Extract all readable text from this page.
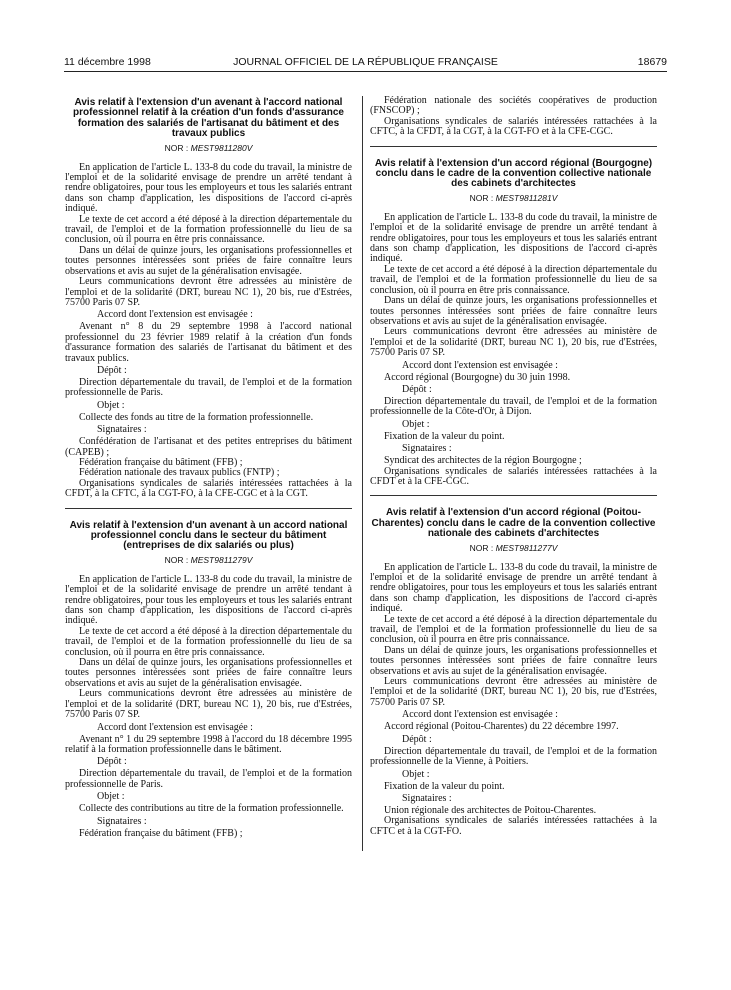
11 décembre 1998	JOURNAL OFFICIEL DE LA RÉPUBLIQUE FRANÇAISE	18679
Avis relatif à l'extension d'un avenant à l'accord national professionnel relatif à la création d'un fonds d'assurance formation des salariés de l'artisanat du bâtiment et des travaux publics
NOR : MEST9811280V

En application de l'article L. 133-8 du code du travail, la ministre de l'emploi et de la solidarité envisage de prendre un arrêté tendant à rendre obligatoires, pour tous les employeurs et tous les salariés entrant dans son champ d'application, les dispositions de l'accord ci-après indiqué.

Le texte de cet accord a été déposé à la direction départementale du travail, de l'emploi et de la formation professionnelle du lieu de sa conclusion, où il pourra en être pris connaissance.

Dans un délai de quinze jours, les organisations professionnelles et toutes personnes intéressées sont priées de faire connaître leurs observations et avis au sujet de la généralisation envisagée.

Leurs communications devront être adressées au ministère de l'emploi et de la solidarité (DRT, bureau NC 1), 20 bis, rue d'Estrées, 75700 Paris 07 SP.

Accord dont l'extension est envisagée :

Avenant n° 8 du 29 septembre 1998 à l'accord national professionnel du 23 février 1989 relatif à la création d'un fonds d'assurance formation des salariés de l'artisanat du bâtiment et des travaux publics.

Dépôt :

Direction départementale du travail, de l'emploi et de la formation professionnelle de Paris.

Objet :

Collecte des fonds au titre de la formation professionnelle.

Signataires :

Confédération de l'artisanat et des petites entreprises du bâtiment (CAPEB) ;

Fédération française du bâtiment (FFB) ;

Fédération nationale des travaux publics (FNTP) ;

Organisations syndicales de salariés intéressées rattachées à la CFDT, à la CFTC, à la CGT-FO, à la CFE-CGC et à la CGT.

Avis relatif à l'extension d'un avenant à un accord national professionnel conclu dans le secteur du bâtiment (entreprises de dix salariés ou plus)
NOR : MEST9811279V

En application de l'article L. 133-8 du code du travail, la ministre de l'emploi et de la solidarité envisage de prendre un arrêté tendant à rendre obligatoires, pour tous les employeurs et tous les salariés entrant dans son champ d'application, les dispositions de l'accord ci-après indiqué.

Le texte de cet accord a été déposé à la direction départementale du travail, de l'emploi et de la formation professionnelle du lieu de sa conclusion, où il pourra en être pris connaissance.

Dans un délai de quinze jours, les organisations professionnelles et toutes personnes intéressées sont priées de faire connaître leurs observations et avis au sujet de la généralisation envisagée.

Leurs communications devront être adressées au ministère de l'emploi et de la solidarité (DRT, bureau NC 1), 20 bis, rue d'Estrées, 75700 Paris 07 SP.

Accord dont l'extension est envisagée :

Avenant n° 1 du 29 septembre 1998 à l'accord du 18 décembre 1995 relatif à la formation professionnelle dans le bâtiment.

Dépôt :

Direction départementale du travail, de l'emploi et de la formation professionnelle de Paris.

Objet :

Collecte des contributions au titre de la formation professionnelle.

Signataires :

Fédération française du bâtiment (FFB) ;

Fédération nationale des sociétés coopératives de production (FNSCOP) ;

Organisations syndicales de salariés intéressées rattachées à la CFTC, à la CFDT, à la CGT, à la CGT-FO et à la CFE-CGC.

Avis relatif à l'extension d'un accord régional (Bourgogne) conclu dans le cadre de la convention collective nationale des cabinets d'architectes
NOR : MEST9811281V

En application de l'article L. 133-8 du code du travail, la ministre de l'emploi et de la solidarité envisage de prendre un arrêté tendant à rendre obligatoires, pour tous les employeurs et tous les salariés entrant dans son champ d'application, les dispositions de l'accord ci-après indiqué.

Le texte de cet accord a été déposé à la direction départementale du travail, de l'emploi et de la formation professionnelle du lieu de sa conclusion, où il pourra en être pris connaissance.

Dans un délai de quinze jours, les organisations professionnelles et toutes personnes intéressées sont priées de faire connaître leurs observations et avis au sujet de la généralisation envisagée.

Leurs communications devront être adressées au ministère de l'emploi et de la solidarité (DRT, bureau NC 1), 20 bis, rue d'Estrées, 75700 Paris 07 SP.

Accord dont l'extension est envisagée :

Accord régional (Bourgogne) du 30 juin 1998.

Dépôt :

Direction départementale du travail, de l'emploi et de la formation professionnelle de la Côte-d'Or, à Dijon.

Objet :

Fixation de la valeur du point.

Signataires :

Syndicat des architectes de la région Bourgogne ;

Organisations syndicales de salariés intéressées rattachées à la CFDT et à la CFE-CGC.

Avis relatif à l'extension d'un accord régional (Poitou-Charentes) conclu dans le cadre de la convention collective nationale des cabinets d'architectes
NOR : MEST9811277V

En application de l'article L. 133-8 du code du travail, la ministre de l'emploi et de la solidarité envisage de prendre un arrêté tendant à rendre obligatoires, pour tous les employeurs et tous les salariés entrant dans son champ d'application, les dispositions de l'accord ci-après indiqué.

Le texte de cet accord a été déposé à la direction départementale du travail, de l'emploi et de la formation professionnelle du lieu de sa conclusion, où il pourra en être pris connaissance.

Dans un délai de quinze jours, les organisations professionnelles et toutes personnes intéressées sont priées de faire connaître leurs observations et avis au sujet de la généralisation envisagée.

Leurs communications devront être adressées au ministère de l'emploi et de la solidarité (DRT, bureau NC 1), 20 bis, rue d'Estrées, 75700 Paris 07 SP.

Accord dont l'extension est envisagée :

Accord régional (Poitou-Charentes) du 22 décembre 1997.

Dépôt :

Direction départementale du travail, de l'emploi et de la formation professionnelle de la Vienne, à Poitiers.

Objet :

Fixation de la valeur du point.

Signataires :

Union régionale des architectes de Poitou-Charentes.

Organisations syndicales de salariés intéressées rattachées à la CFTC et à la CGT-FO.
